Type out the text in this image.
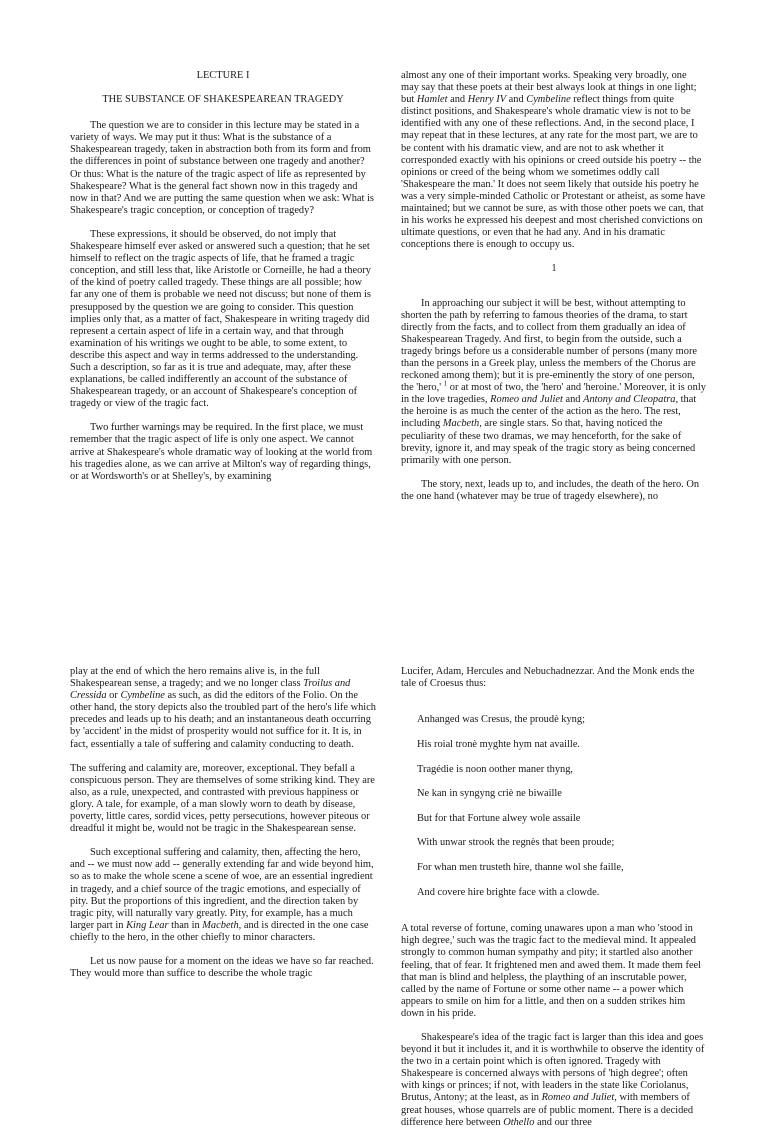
LECTURE I

THE SUBSTANCE OF SHAKESPEAREAN TRAGEDY

The question we are to consider in this lecture may be stated in a variety of ways. We may put it thus: What is the substance of a Shakespearean tragedy, taken in abstraction both from its form and from the differences in point of substance between one tragedy and another? Or thus: What is the nature of the tragic aspect of life as represented by Shakespeare? What is the general fact shown now in this tragedy and now in that? And we are putting the same question when we ask: What is Shakespeare's tragic conception, or conception of tragedy?

These expressions, it should be observed, do not imply that Shakespeare himself ever asked or answered such a question; that he set himself to reflect on the tragic aspects of life, that he framed a tragic conception, and still less that, like Aristotle or Corneille, he had a theory of the kind of poetry called tragedy. These things are all possible; how far any one of them is probable we need not discuss; but none of them is presupposed by the question we are going to consider. This question implies only that, as a matter of fact, Shakespeare in writing tragedy did represent a certain aspect of life in a certain way, and that through examination of his writings we ought to be able, to some extent, to describe this aspect and way in terms addressed to the understanding. Such a description, so far as it is true and adequate, may, after these explanations, be called indifferently an account of the substance of Shakespearean tragedy, or an account of Shakespeare's conception of tragedy or view of the tragic fact.

Two further warnings may be required. In the first place, we must remember that the tragic aspect of life is only one aspect. We cannot arrive at Shakespeare's whole dramatic way of looking at the world from his tragedies alone, as we can arrive at Milton's way of regarding things, or at Wordsworth's or at Shelley's, by examining

almost any one of their important works. Speaking very broadly, one may say that these poets at their best always look at things in one light; but Hamlet and Henry IV and Cymbeline reflect things from quite distinct positions, and Shakespeare's whole dramatic view is not to be identified with any one of these reflections. And, in the second place, I may repeat that in these lectures, at any rate for the most part, we are to be content with his dramatic view, and are not to ask whether it corresponded exactly with his opinions or creed outside his poetry -- the opinions or creed of the being whom we sometimes oddly call 'Shakespeare the man.' It does not seem likely that outside his poetry he was a very simple-minded Catholic or Protestant or atheist, as some have maintained; but we cannot be sure, as with those other poets we can, that in his works he expressed his deepest and most cherished convictions on ultimate questions, or even that he had any. And in his dramatic conceptions there is enough to occupy us.

1

In approaching our subject it will be best, without attempting to shorten the path by referring to famous theories of the drama, to start directly from the facts, and to collect from them gradually an idea of Shakespearean Tragedy. And first, to begin from the outside, such a tragedy brings before us a considerable number of persons (many more than the persons in a Greek play, unless the members of the Chorus are reckoned among them); but it is pre-eminently the story of one person, the 'hero,' $^1$ or at most of two, the 'hero' and 'heroine.' Moreover, it is only in the love tragedies, Romeo and Juliet and Antony and Cleopatra, that the heroine is as much the center of the action as the hero. The rest, including Macbeth, are single stars. So that, having noticed the peculiarity of these two dramas, we may henceforth, for the sake of brevity, ignore it, and may speak of the tragic story as being concerned primarily with one person.

The story, next, leads up to, and includes, the death of the hero. On the one hand (whatever may be true of tragedy elsewhere), no

play at the end of which the hero remains alive is, in the full Shakespearean sense, a tragedy; and we no longer class Troilus and Cressida or Cymbeline as such, as did the editors of the Folio. On the other hand, the story depicts also the troubled part of the hero's life which precedes and leads up to his death; and an instantaneous death occurring by 'accident' in the midst of prosperity would not suffice for it. It is, in fact, essentially a tale of suffering and calamity conducting to death.

The suffering and calamity are, moreover, exceptional. They befall a conspicuous person. They are themselves of some striking kind. They are also, as a rule, unexpected, and contrasted with previous happiness or glory. A tale, for example, of a man slowly worn to death by disease, poverty, little cares, sordid vices, petty persecutions, however piteous or dreadful it might be, would not be tragic in the Shakespearean sense.

Such exceptional suffering and calamity, then, affecting the hero, and -- we must now add -- generally extending far and wide beyond him, so as to make the whole scene a scene of woe, are an essential ingredient in tragedy, and a chief source of the tragic emotions, and especially of pity. But the proportions of this ingredient, and the direction taken by tragic pity, will naturally vary greatly. Pity, for example, has a much larger part in King Lear than in Macbeth, and is directed in the one case chiefly to the hero, in the other chiefly to minor characters.

Let us now pause for a moment on the ideas we have so far reached. They would more than suffice to describe the whole tragic

Lucifer, Adam, Hercules and Nebuchadnezzar. And the Monk ends the tale of Croesus thus:

Anhanged was Cresus, the proudè kyng;

His roial tronè myghte hym nat availle.

Tragédie is noon oother maner thyng,

Ne kan in syngyng criè ne biwaille

But for that Fortune alwey wole assaile

With unwar strook the regnès that been proude;

For whan men trusteth hire, thanne wol she faille,

And covere hire brighte face with a clowde.

A total reverse of fortune, coming unawares upon a man who 'stood in high degree,' such was the tragic fact to the medieval mind. It appealed strongly to common human sympathy and pity; it startled also another feeling, that of fear. It frightened men and awed them. It made them feel that man is blind and helpless, the plaything of an inscrutable power, called by the name of Fortune or some other name -- a power which appears to smile on him for a little, and then on a sudden strikes him down in his pride.

Shakespeare's idea of the tragic fact is larger than this idea and goes beyond it but it includes it, and it is worthwhile to observe the identity of the two in a certain point which is often ignored. Tragedy with Shakespeare is concerned always with persons of 'high degree'; often with kings or princes; if not, with leaders in the state like Coriolanus, Brutus, Antony; at the least, as in Romeo and Juliet, with members of great houses, whose quarrels are of public moment. There is a decided difference here between Othello and our three
